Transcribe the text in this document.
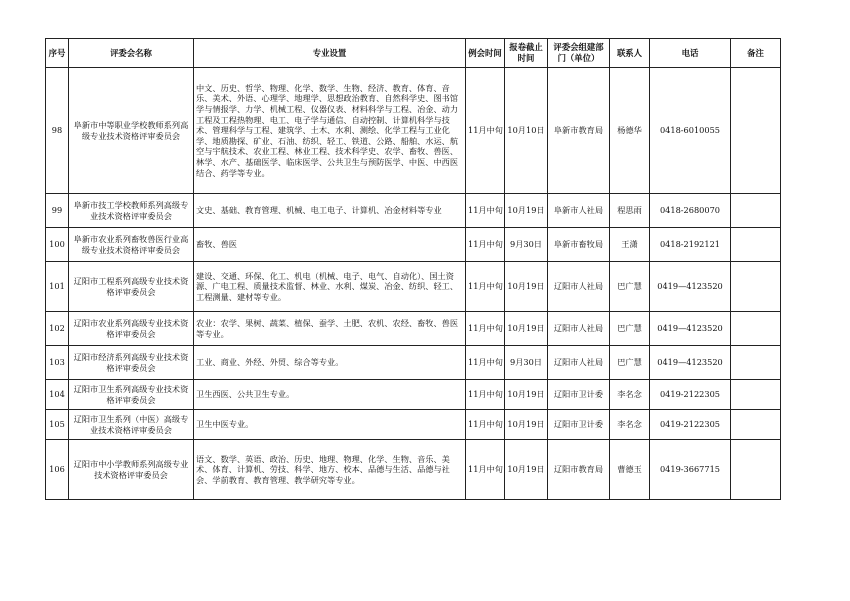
序号	评委会名称	专业设置	例会时间	报卷截止时间	评委会组建部门（单位）	联系人	电话	备注
98	阜新市中等职业学校教师系列高级专业技术资格评审委员会	中文、历史、哲学、物理、化学、数学、生物、经济、教育、体育、音乐、美术、外语、心理学、地理学、思想政治教育、自然科学史、图书馆学与情报学、力学、机械工程、仪器仪表、材料科学与工程、冶金、动力工程及工程热物理、电工、电子学与通信、自动控制、计算机科学与技术、管理科学与工程、建筑学、土木、水利、测绘、化学工程与工业化学、地质勘探、矿业、石油、纺织、轻工、铁道、公路、船舶、水运、航空与宇航技术、农业工程、林业工程、技术科学史、农学、畜牧、兽医、林学、水产、基础医学、临床医学、公共卫生与预防医学、中医、中西医结合、药学等专业。	11月中旬	10月10日	阜新市教育局	杨德华	0418-6010055	
99	阜新市技工学校教师系列高级专业技术资格评审委员会	文史、基础、教育管理、机械、电工电子、计算机、冶金材料等专业	11月中旬	10月19日	阜新市人社局	程思雨	0418-2680070	
100	阜新市农业系列畜牧兽医行业高级专业技术资格评审委员会	畜牧、兽医	11月中旬	9月30日	阜新市畜牧局	王潇	0418-2192121	
101	辽阳市工程系列高级专业技术资格评审委员会	建设、交通、环保、化工、机电（机械、电子、电气、自动化）、国土资源、广电工程、质量技术监督、林业、水利、煤炭、冶金、纺织、轻工、工程测量、建材等专业。	11月中旬	10月19日	辽阳市人社局	巴广慧	0419—4123520	
102	辽阳市农业系列高级专业技术资格评审委员会	农业：农学、果树、蔬菜、植保、蚕学、土肥、农机、农经、畜牧、兽医等专业。	11月中旬	10月19日	辽阳市人社局	巴广慧	0419—4123520	
103	辽阳市经济系列高级专业技术资格评审委员会	工业、商业、外经、外贸、综合等专业。	11月中旬	9月30日	辽阳市人社局	巴广慧	0419—4123520	
104	辽阳市卫生系列高级专业技术资格评审委员会	卫生西医、公共卫生专业。	11月中旬	10月19日	辽阳市卫计委	李名念	0419-2122305	
105	辽阳市卫生系列（中医）高级专业技术资格评审委员会	卫生中医专业。	11月中旬	10月19日	辽阳市卫计委	李名念	0419-2122305	
106	辽阳市中小学教师系列高级专业技术资格评审委员会	语文、数学、英语、政治、历史、地理、物理、化学、生物、音乐、美术、体育、计算机、劳技、科学、地方、校本、品德与生活、品德与社会、学前教育、教育管理、教学研究等专业。	11月中旬	10月19日	辽阳市教育局	曹德玉	0419-3667715	
